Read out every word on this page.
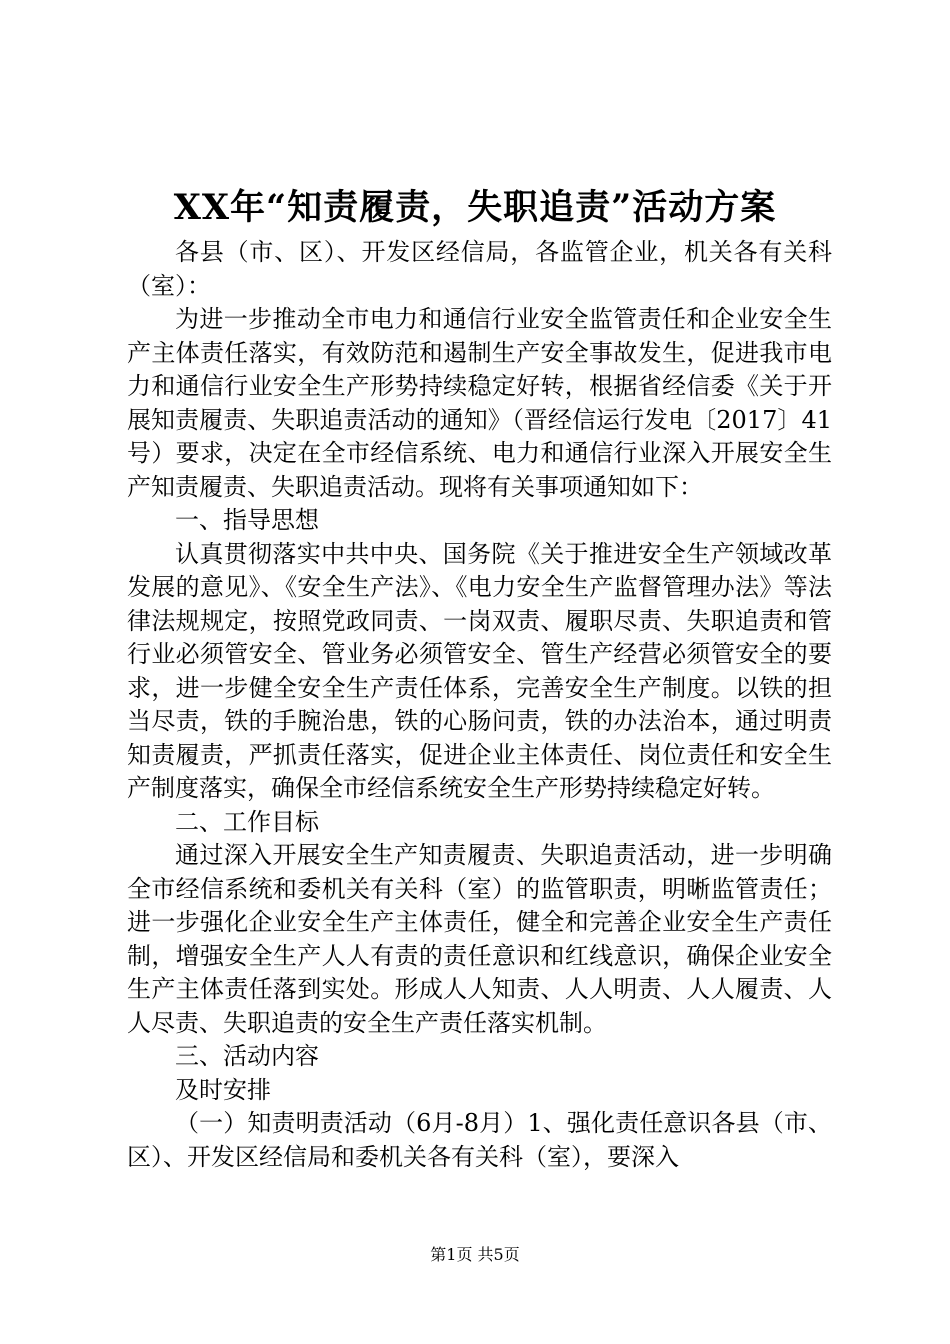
XX年“知责履责，失职追责”活动方案

各县（市、区）、开发区经信局，各监管企业，机关各有关科（室）：

为进一步推动全市电力和通信行业安全监管责任和企业安全生产主体责任落实，有效防范和遏制生产安全事故发生，促进我市电力和通信行业安全生产形势持续稳定好转，根据省经信委《关于开展知责履责、失职追责活动的通知》（晋经信运行发电〔2017〕41号）要求，决定在全市经信系统、电力和通信行业深入开展安全生产知责履责、失职追责活动。现将有关事项通知如下：

一、指导思想

认真贯彻落实中共中央、国务院《关于推进安全生产领域改革发展的意见》、《安全生产法》、《电力安全生产监督管理办法》等法律法规规定，按照党政同责、一岗双责、履职尽责、失职追责和管行业必须管安全、管业务必须管安全、管生产经营必须管安全的要求，进一步健全安全生产责任体系，完善安全生产制度。以铁的担当尽责，铁的手腕治患，铁的心肠问责，铁的办法治本，通过明责知责履责，严抓责任落实，促进企业主体责任、岗位责任和安全生产制度落实，确保全市经信系统安全生产形势持续稳定好转。

二、工作目标

通过深入开展安全生产知责履责、失职追责活动，进一步明确全市经信系统和委机关有关科（室）的监管职责，明晰监管责任；进一步强化企业安全生产主体责任，健全和完善企业安全生产责任制，增强安全生产人人有责的责任意识和红线意识，确保企业安全生产主体责任落到实处。形成人人知责、人人明责、人人履责、人人尽责、失职追责的安全生产责任落实机制。

三、活动内容

及时安排

（一）知责明责活动（6月-8月）1、强化责任意识各县（市、区）、开发区经信局和委机关各有关科（室），要深入

第1页 共5页
